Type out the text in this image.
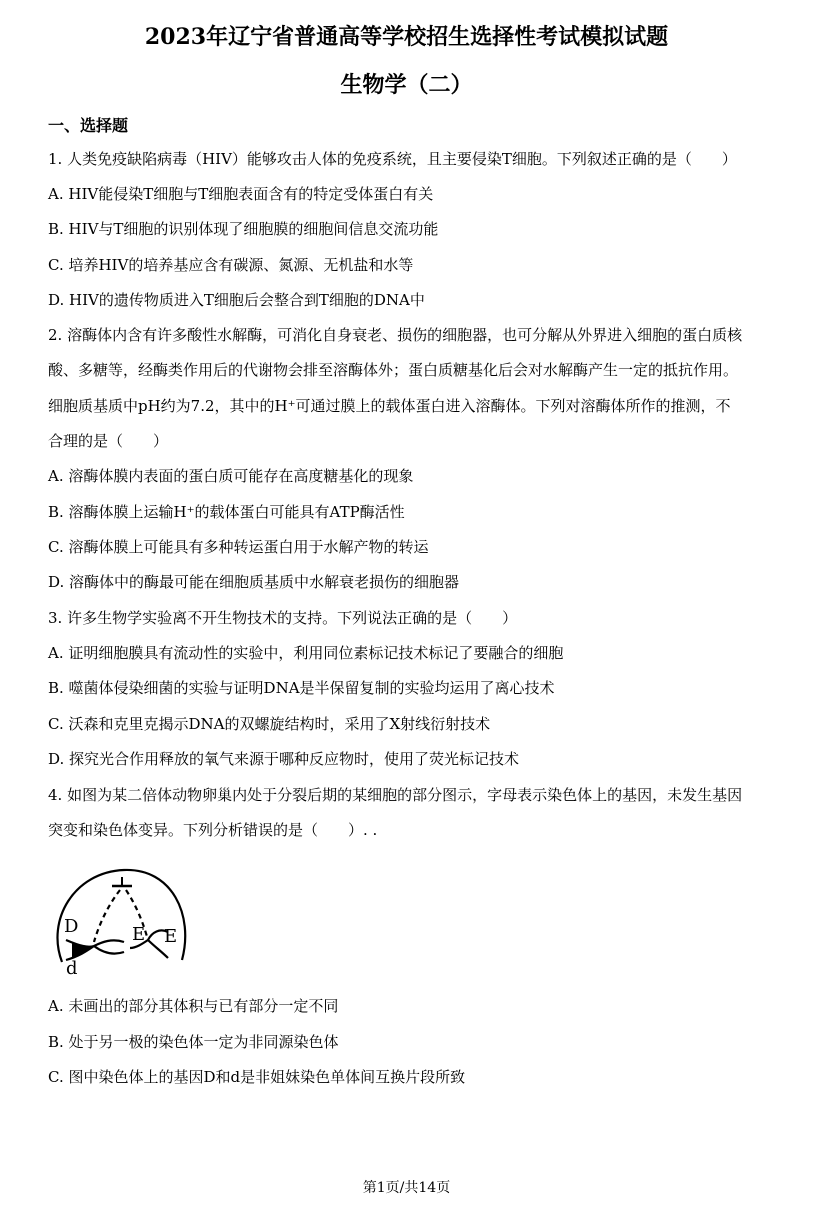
2023年辽宁省普通高等学校招生选择性考试模拟试题
生物学（二）
一、选择题
1. 人类免疫缺陷病毒（HIV）能够攻击人体的免疫系统，且主要侵染T细胞。下列叙述正确的是（　　）
A. HIV能侵染T细胞与T细胞表面含有的特定受体蛋白有关
B. HIV与T细胞的识别体现了细胞膜的细胞间信息交流功能
C. 培养HIV的培养基应含有碳源、氮源、无机盐和水等
D. HIV的遗传物质进入T细胞后会整合到T细胞的DNA中
2. 溶酶体内含有许多酸性水解酶，可消化自身衰老、损伤的细胞器，也可分解从外界进入细胞的蛋白质核
酸、多糖等，经酶类作用后的代谢物会排至溶酶体外；蛋白质糖基化后会对水解酶产生一定的抵抗作用。
细胞质基质中pH约为7.2，其中的H⁺可通过膜上的载体蛋白进入溶酶体。下列对溶酶体所作的推测，不
合理的是（　　）
A. 溶酶体膜内表面的蛋白质可能存在高度糖基化的现象
B. 溶酶体膜上运输H⁺的载体蛋白可能具有ATP酶活性
C. 溶酶体膜上可能具有多种转运蛋白用于水解产物的转运
D. 溶酶体中的酶最可能在细胞质基质中水解衰老损伤的细胞器
3. 许多生物学实验离不开生物技术的支持。下列说法正确的是（　　）
A. 证明细胞膜具有流动性的实验中，利用同位素标记技术标记了要融合的细胞
B. 噬菌体侵染细菌的实验与证明DNA是半保留复制的实验均运用了离心技术
C. 沃森和克里克揭示DNA的双螺旋结构时，采用了X射线衍射技术
D. 探究光合作用释放的氧气来源于哪种反应物时，使用了荧光标记技术
4. 如图为某二倍体动物卵巢内处于分裂后期的某细胞的部分图示，字母表示染色体上的基因，未发生基因
突变和染色体变异。下列分析错误的是（　　）. .
D	E E
d
A. 未画出的部分其体积与已有部分一定不同
B. 处于另一极的染色体一定为非同源染色体
C. 图中染色体上的基因D和d是非姐妹染色单体间互换片段所致
第1页/共14页
